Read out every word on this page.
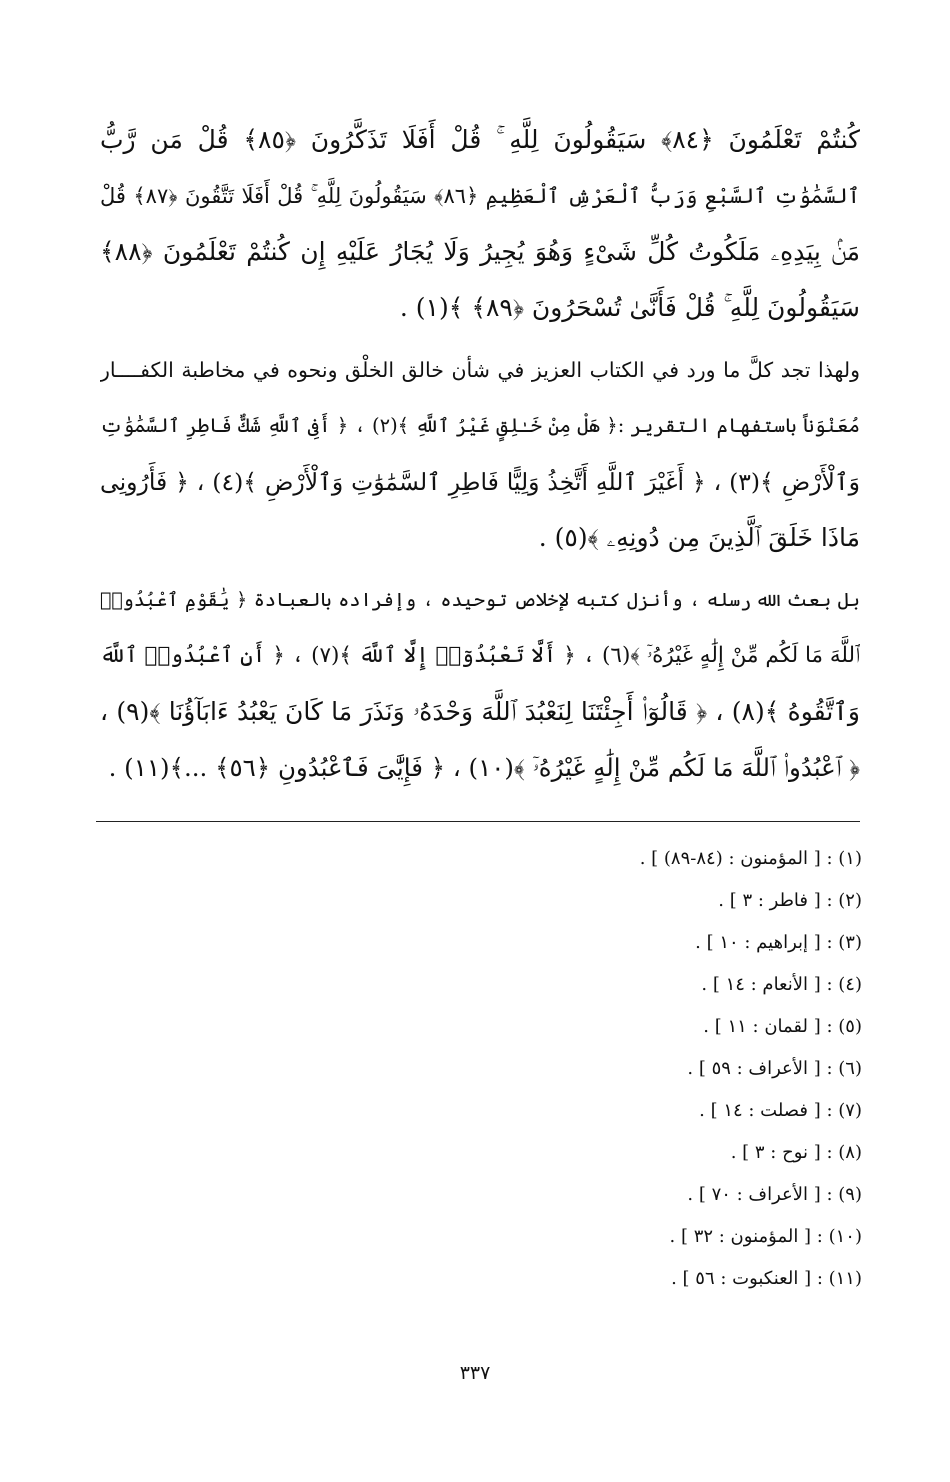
كُنتُمْ تَعْلَمُونَ ﴿٨٤﴾ سَيَقُولُونَ لِلَّهِ ۚ قُلْ أَفَلَا تَذَكَّرُونَ ﴿٨٥﴾ قُلْ مَن رَّبُّ
ٱلسَّمَٰوَٰتِ ٱلسَّبْعِ وَرَبُّ ٱلْعَرْشِ ٱلْعَظِيمِ ﴿٨٦﴾ سَيَقُولُونَ لِلَّهِ ۚ قُلْ أَفَلَا تَتَّقُونَ ﴿٨٧﴾ قُلْ
مَنۢ بِيَدِهِۦ مَلَكُوتُ كُلِّ شَىْءٍ وَهُوَ يُجِيرُ وَلَا يُجَارُ عَلَيْهِ إِن كُنتُمْ تَعْلَمُونَ ﴿٨٨﴾
سَيَقُولُونَ لِلَّهِ ۚ قُلْ فَأَنَّىٰ تُسْحَرُونَ ﴿٨٩﴾ ﴾(١) .
ولهذا تجد كلَّ ما ورد في الكتاب العزيز في شأن خالق الخلْق ونحوه في مخاطبة الكفــــار
مُعَنْوَناً باستفهام التقرير :﴿ هَلْ مِنْ خَـٰلِقٍ غَيْرُ ٱللَّهِ ﴾(٢) ، ﴿ أَفِى ٱللَّهِ شَكٌّ فَاطِرِ ٱلسَّمَٰوَٰتِ
وَٱلْأَرْضِ ﴾(٣) ، ﴿ أَغَيْرَ ٱللَّهِ أَتَّخِذُ وَلِيًّا فَاطِرِ ٱلسَّمَٰوَٰتِ وَٱلْأَرْضِ ﴾(٤) ، ﴿ فَأَرُونِى
مَاذَا خَلَقَ ٱلَّذِينَ مِن دُونِهِۦ ﴾(٥) .
بل بعث الله رسله ، وأنزل كتبه لإخلاص توحيده ، وإفراده بالعبادة ﴿ يَٰقَوْمِ ٱعْبُدُوا۟
ٱللَّهَ مَا لَكُم مِّنْ إِلَٰهٍ غَيْرُهُۥٓ ﴾(٦) ، ﴿ أَلَّا تَعْبُدُوٓا۟ إِلَّا ٱللَّهَ ﴾(٧) ، ﴿ أَنِ ٱعْبُدُوا۟ ٱللَّهَ
وَٱتَّقُوهُ ﴾(٨) ، ﴿ قَالُوٓا۟ أَجِئْتَنَا لِنَعْبُدَ ٱللَّهَ وَحْدَهُۥ وَنَذَرَ مَا كَانَ يَعْبُدُ ءَابَآؤُنَا ﴾(٩) ،
﴿ ٱعْبُدُوا۟ ٱللَّهَ مَا لَكُم مِّنْ إِلَٰهٍ غَيْرُهُۥٓ ﴾(١٠) ، ﴿ فَإِيَّٰىَ فَٱعْبُدُونِ ﴿٥٦﴾ ...﴾(١١) .
(١) : [ المؤمنون : (٨٤-٨٩) ] .
(٢) : [ فاطر : ٣ ] .
(٣) : [ إبراهيم : ١٠ ] .
(٤) : [ الأنعام : ١٤ ] .
(٥) : [ لقمان : ١١ ] .
(٦) : [ الأعراف : ٥٩ ] .
(٧) : [ فصلت : ١٤ ] .
(٨) : [ نوح : ٣ ] .
(٩) : [ الأعراف : ٧٠ ] .
(١٠) : [ المؤمنون : ٣٢ ] .
(١١) : [ العنكبوت : ٥٦ ] .
٣٣٧
